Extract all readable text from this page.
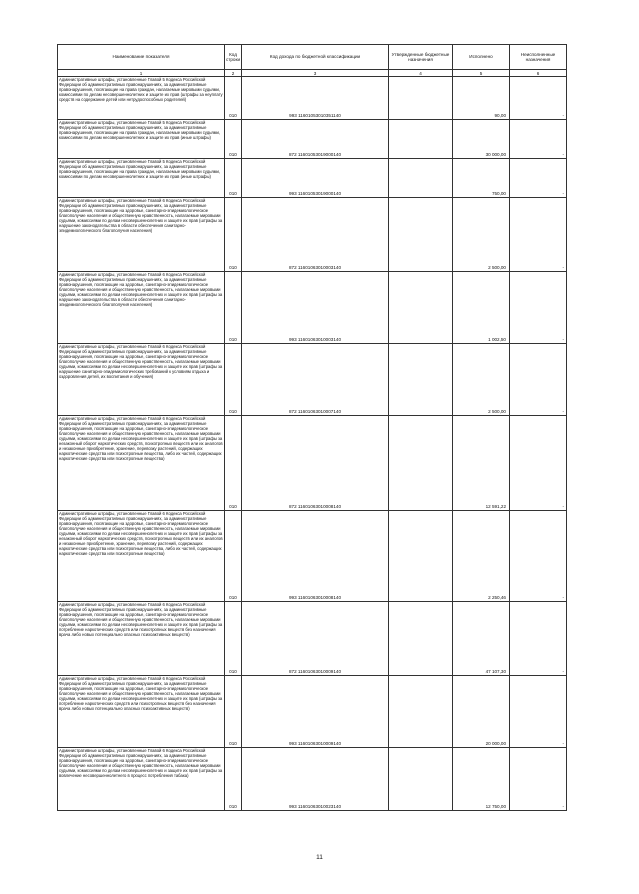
Наименование показателя	Код строки	Код дохода по бюджетной классификации	Утвержденные бюджетные назначения	Исполнено	Неисполненные назначения
1	2	3	4	5	6
Административные штрафы, установленные Главой 5 Кодекса Российской Федерации об административных правонарушениях, за административные правонарушения, посягающие на права граждан, налагаемые мировыми судьями, комиссиями по делам несовершеннолетних и защите их прав (штрафы за неуплату средств на содержание детей или нетрудоспособных родителей)	010	993 11601053010351140		90,00	-
Административные штрафы, установленные Главой 5 Кодекса Российской Федерации об административных правонарушениях, за административные правонарушения, посягающие на права граждан, налагаемые мировыми судьями, комиссиями по делам несовершеннолетних и защите их прав (иные штрафы)	010	872 11601053019000140		30 000,00	-
Административные штрафы, установленные Главой 5 Кодекса Российской Федерации об административных правонарушениях, за административные правонарушения, посягающие на права граждан, налагаемые мировыми судьями, комиссиями по делам несовершеннолетних и защите их прав (иные штрафы)	010	993 11601053019000140		750,00	-
Административные штрафы, установленные Главой 6 Кодекса Российской Федерации об административных правонарушениях, за административные правонарушения, посягающие на здоровье, санитарно-эпидемиологическое благополучие населения и общественную нравственность, налагаемые мировыми судьями, комиссиями по делам несовершеннолетних и защите их прав (штрафы за нарушение законодательства в области обеспечения санитарно-эпидемиологического благополучия населения)	010	872 11601063010003140		2 500,00	-
Административные штрафы, установленные Главой 6 Кодекса Российской Федерации об административных правонарушениях, за административные правонарушения, посягающие на здоровье, санитарно-эпидемиологическое благополучие населения и общественную нравственность, налагаемые мировыми судьями, комиссиями по делам несовершеннолетних и защите их прав (штрафы за нарушение законодательства в области обеспечения санитарно-эпидемиологического благополучия населения)	010	993 11601063010003140		1 002,50	-
Административные штрафы, установленные Главой 6 Кодекса Российской Федерации об административных правонарушениях, за административные правонарушения, посягающие на здоровье, санитарно-эпидемиологическое благополучие населения и общественную нравственность, налагаемые мировыми судьями, комиссиями по делам несовершеннолетних и защите их прав (штрафы за нарушение санитарно-эпидемиологических требований к условиям отдыха и оздоровления детей, их воспитания и обучения)	010	872 11601063010007140		2 500,00	-
Административные штрафы, установленные Главой 6 Кодекса Российской Федерации об административных правонарушениях, за административные правонарушения, посягающие на здоровье, санитарно-эпидемиологическое благополучие населения и общественную нравственность, налагаемые мировыми судьями, комиссиями по делам несовершеннолетних и защите их прав (штрафы за незаконный оборот наркотических средств, психотропных веществ или их аналогов и незаконные приобретение, хранение, перевозку растений, содержащих наркотические средства или психотропные вещества, либо их частей, содержащих наркотические средства или психотропные вещества)	010	872 11601063010008140		12 591,22	-
Административные штрафы, установленные Главой 6 Кодекса Российской Федерации об административных правонарушениях, за административные правонарушения, посягающие на здоровье, санитарно-эпидемиологическое благополучие населения и общественную нравственность, налагаемые мировыми судьями, комиссиями по делам несовершеннолетних и защите их прав (штрафы за незаконный оборот наркотических средств, психотропных веществ или их аналогов и незаконные приобретение, хранение, перевозку растений, содержащих наркотические средства или психотропные вещества, либо их частей, содержащих наркотические средства или психотропные вещества)	010	993 11601063010008140		2 250,46	-
Административные штрафы, установленные Главой 6 Кодекса Российской Федерации об административных правонарушениях, за административные правонарушения, посягающие на здоровье, санитарно-эпидемиологическое благополучие населения и общественную нравственность, налагаемые мировыми судьями, комиссиями по делам несовершеннолетних и защите их прав (штрафы за потребление наркотических средств или психотропных веществ без назначения врача либо новых потенциально опасных психоактивных веществ)	010	872 11601063010009140		47 107,30	-
Административные штрафы, установленные Главой 6 Кодекса Российской Федерации об административных правонарушениях, за административные правонарушения, посягающие на здоровье, санитарно-эпидемиологическое благополучие населения и общественную нравственность, налагаемые мировыми судьями, комиссиями по делам несовершеннолетних и защите их прав (штрафы за потребление наркотических средств или психотропных веществ без назначения врача либо новых потенциально опасных психоактивных веществ)	010	993 11601063010009140		20 000,00	-
Административные штрафы, установленные Главой 6 Кодекса Российской Федерации об административных правонарушениях, за административные правонарушения, посягающие на здоровье, санитарно-эпидемиологическое благополучие населения и общественную нравственность, налагаемые мировыми судьями, комиссиями по делам несовершеннолетних и защите их прав (штрафы за вовлечение несовершеннолетнего в процесс потребления табака)	010	993 11601063010023140		12 750,00	-
11
